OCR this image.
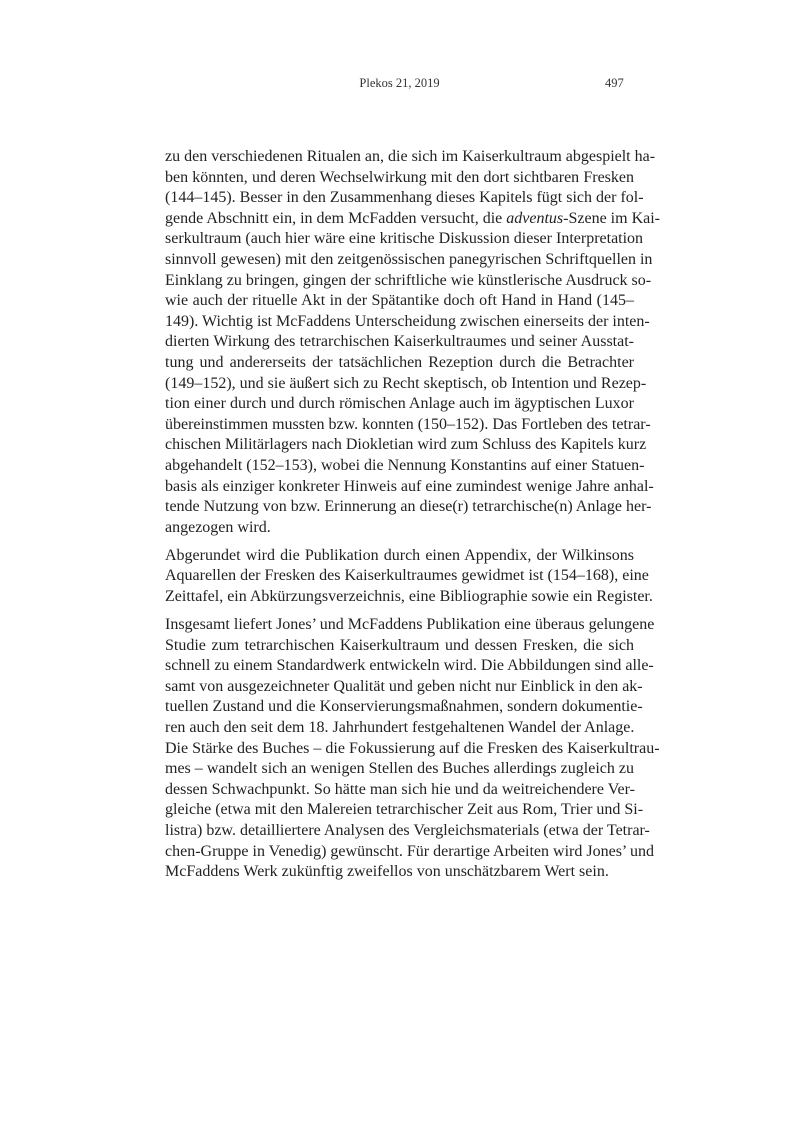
Plekos 21, 2019	497
zu den verschiedenen Ritualen an, die sich im Kaiserkultraum abgespielt ha-
ben könnten, und deren Wechselwirkung mit den dort sichtbaren Fresken
(144–145). Besser in den Zusammenhang dieses Kapitels fügt sich der fol-
gende Abschnitt ein, in dem McFadden versucht, die adventus-Szene im Kai-
serkultraum (auch hier wäre eine kritische Diskussion dieser Interpretation
sinnvoll gewesen) mit den zeitgenössischen panegyrischen Schriftquellen in
Einklang zu bringen, gingen der schriftliche wie künstlerische Ausdruck so-
wie auch der rituelle Akt in der Spätantike doch oft Hand in Hand (145–
149). Wichtig ist McFaddens Unterscheidung zwischen einerseits der inten-
dierten Wirkung des tetrarchischen Kaiserkultraumes und seiner Ausstat-
tung und andererseits der tatsächlichen Rezeption durch die Betrachter
(149–152), und sie äußert sich zu Recht skeptisch, ob Intention und Rezep-
tion einer durch und durch römischen Anlage auch im ägyptischen Luxor
übereinstimmen mussten bzw. konnten (150–152). Das Fortleben des tetrar-
chischen Militärlagers nach Diokletian wird zum Schluss des Kapitels kurz
abgehandelt (152–153), wobei die Nennung Konstantins auf einer Statuen-
basis als einziger konkreter Hinweis auf eine zumindest wenige Jahre anhal-
tende Nutzung von bzw. Erinnerung an diese(r) tetrarchische(n) Anlage her-
angezogen wird.
Abgerundet wird die Publikation durch einen Appendix, der Wilkinsons
Aquarellen der Fresken des Kaiserkultraumes gewidmet ist (154–168), eine
Zeittafel, ein Abkürzungsverzeichnis, eine Bibliographie sowie ein Register.
Insgesamt liefert Jones’ und McFaddens Publikation eine überaus gelungene
Studie zum tetrarchischen Kaiserkultraum und dessen Fresken, die sich
schnell zu einem Standardwerk entwickeln wird. Die Abbildungen sind alle-
samt von ausgezeichneter Qualität und geben nicht nur Einblick in den ak-
tuellen Zustand und die Konservierungsmaßnahmen, sondern dokumentie-
ren auch den seit dem 18. Jahrhundert festgehaltenen Wandel der Anlage.
Die Stärke des Buches – die Fokussierung auf die Fresken des Kaiserkultrau-
mes – wandelt sich an wenigen Stellen des Buches allerdings zugleich zu
dessen Schwachpunkt. So hätte man sich hie und da weitreichendere Ver-
gleiche (etwa mit den Malereien tetrarchischer Zeit aus Rom, Trier und Si-
listra) bzw. detailliertere Analysen des Vergleichsmaterials (etwa der Tetrar-
chen-Gruppe in Venedig) gewünscht. Für derartige Arbeiten wird Jones’ und
McFaddens Werk zukünftig zweifellos von unschätzbarem Wert sein.
